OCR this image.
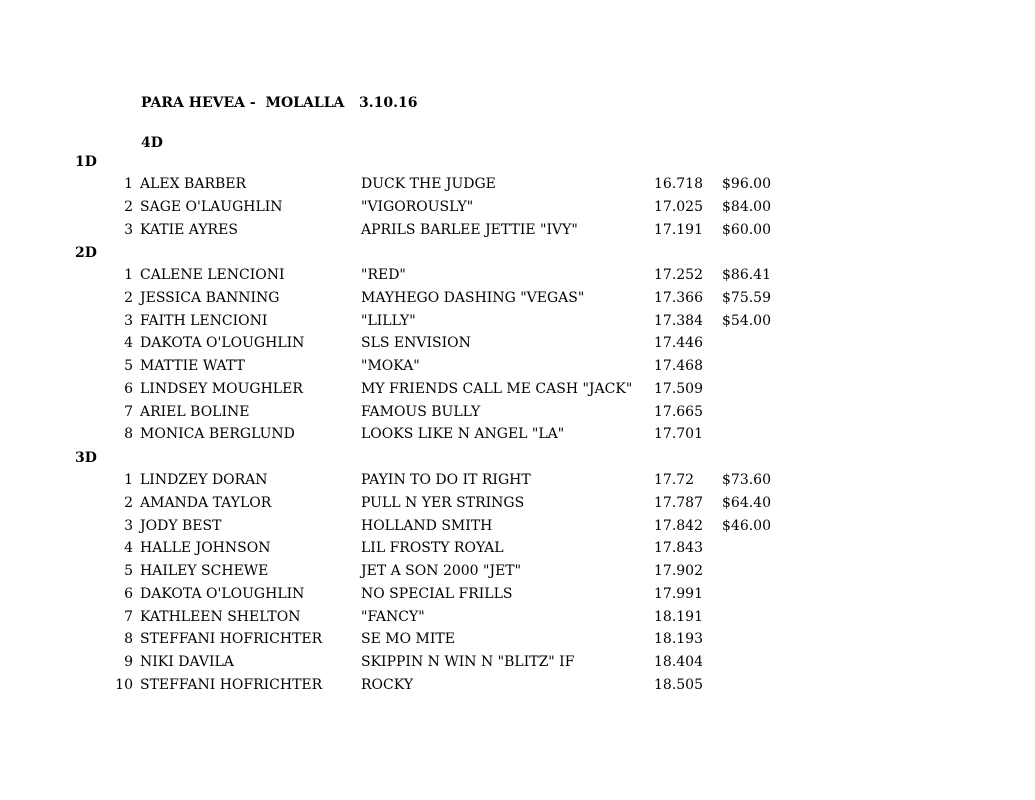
PARA HEVEA -  MOLALLA   3.10.16
4D
1D
1 ALEX BARBER	DUCK THE JUDGE	16.718 $96.00
2 SAGE O'LAUGHLIN	"VIGOROUSLY"	17.025 $84.00
3 KATIE AYRES	APRILS BARLEE JETTIE "IVY"	17.191 $60.00
2D
1 CALENE LENCIONI	"RED"	17.252 $86.41
2 JESSICA BANNING	MAYHEGO DASHING "VEGAS"	17.366 $75.59
3 FAITH LENCIONI	"LILLY"	17.384 $54.00
4 DAKOTA O'LOUGHLIN	SLS ENVISION	17.446
5 MATTIE WATT	"MOKA"	17.468
6 LINDSEY MOUGHLER	MY FRIENDS CALL ME CASH "JACK" 17.509
7 ARIEL BOLINE	FAMOUS BULLY	17.665
8 MONICA BERGLUND	LOOKS LIKE N ANGEL "LA"	17.701
3D
1 LINDZEY DORAN	PAYIN TO DO IT RIGHT	17.72 $73.60
2 AMANDA TAYLOR	PULL N YER STRINGS	17.787 $64.40
3 JODY BEST	HOLLAND SMITH	17.842 $46.00
4 HALLE JOHNSON	LIL FROSTY ROYAL	17.843
5 HAILEY SCHEWE	JET A SON 2000 "JET"	17.902
6 DAKOTA O'LOUGHLIN	NO SPECIAL FRILLS	17.991
7 KATHLEEN SHELTON	"FANCY"	18.191
8 STEFFANI HOFRICHTER	SE MO MITE	18.193
9 NIKI DAVILA	SKIPPIN N WIN N "BLITZ" IF	18.404
10 STEFFANI HOFRICHTER	ROCKY	18.505
